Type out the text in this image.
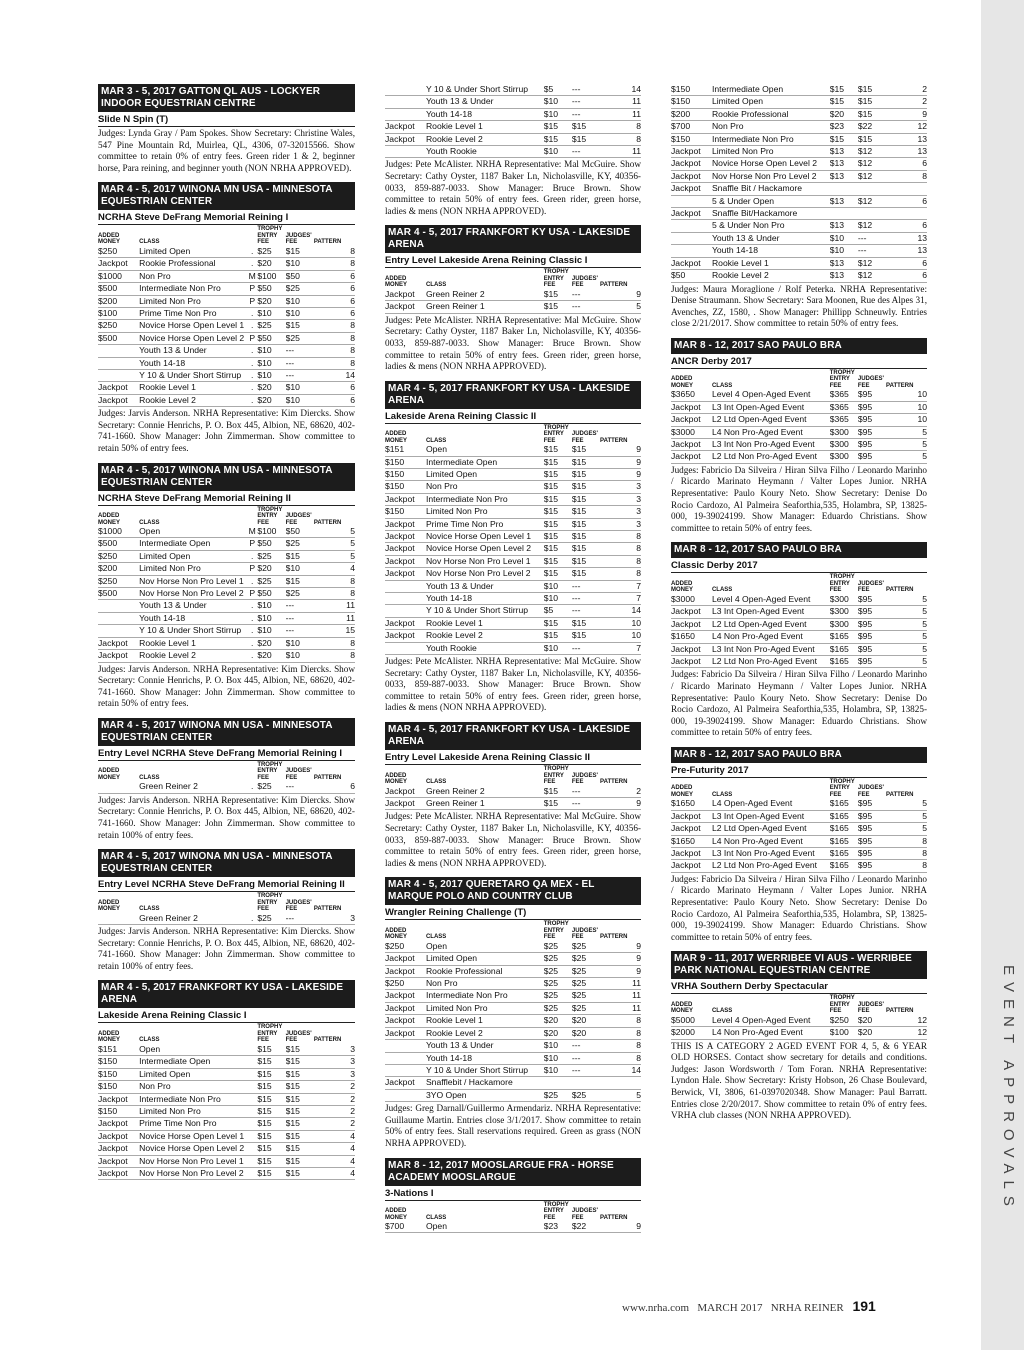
MAR 3 - 5, 2017 GATTON QL AUS - LOCKYER INDOOR EQUESTRIAN CENTRE
Slide N Spin (T)
Judges: Lynda Gray / Pam Spokes. Show Secretary: Christine Wales, 547 Pine Mountain Rd, Muirlea, QL, 4306, 07-32015566. Show committee to retain 0% of entry fees. Green rider 1 & 2, beginner horse, Para reining, and beginner youth (NON NRHA APPROVED).
MAR 4 - 5, 2017 WINONA MN USA - MINNESOTA EQUESTRIAN CENTER
NCRHA Steve DeFrang Memorial Reining I
ADDED
MONEY	CLASS		TROPHY
ENTRY
FEE	JUDGES'
FEE	PATTERN
$250	Limited Open	.	$25	$15	8
Jackpot	Rookie Professional	.	$20	$10	8
$1000	Non Pro	M	$100	$50	6
$500	Intermediate Non Pro	P	$50	$25	6
$200	Limited Non Pro	P	$20	$10	6
$100	Prime Time Non Pro	.	$10	$10	6
$250	Novice Horse Open Level 1	.	$25	$15	8
$500	Novice Horse Open Level 2	P	$50	$25	8
	Youth 13 & Under	.	$10	---	8
	Youth 14-18	.	$10	---	8
	Y 10 & Under Short Stirrup	.	$10	---	14
Jackpot	Rookie Level 1	.	$20	$10	6
Jackpot	Rookie Level 2	.	$20	$10	6
Judges: Jarvis Anderson. NRHA Representative: Kim Diercks. Show Secretary: Connie Henrichs, P. O. Box 445, Albion, NE, 68620, 402-741-1660. Show Manager: John Zimmerman. Show committee to retain 50% of entry fees.
MAR 4 - 5, 2017 WINONA MN USA - MINNESOTA EQUESTRIAN CENTER
NCRHA Steve DeFrang Memorial Reining II
ADDED
MONEY	CLASS		TROPHY
ENTRY
FEE	JUDGES'
FEE	PATTERN
$1000	Open	M	$100	$50	5
$500	Intermediate Open	P	$50	$25	5
$250	Limited Open	.	$25	$15	5
$200	Limited Non Pro	P	$20	$10	4
$250	Nov Horse Non Pro Level 1	.	$25	$15	8
$500	Nov Horse Non Pro Level 2	P	$50	$25	8
	Youth 13 & Under	.	$10	---	11
	Youth 14-18	.	$10	---	11
	Y 10 & Under Short Stirrup	.	$10	---	15
Jackpot	Rookie Level 1	.	$20	$10	8
Jackpot	Rookie Level 2	.	$20	$10	8
Judges: Jarvis Anderson. NRHA Representative: Kim Diercks. Show Secretary: Connie Henrichs, P. O. Box 445, Albion, NE, 68620, 402-741-1660. Show Manager: John Zimmerman. Show committee to retain 50% of entry fees.
MAR 4 - 5, 2017 WINONA MN USA - MINNESOTA EQUESTRIAN CENTER
Entry Level NCRHA Steve DeFrang Memorial Reining I
ADDED
MONEY	CLASS		TROPHY
ENTRY
FEE	JUDGES'
FEE	PATTERN
	Green Reiner 2	.	$25	---	6
Judges: Jarvis Anderson. NRHA Representative: Kim Diercks. Show Secretary: Connie Henrichs, P. O. Box 445, Albion, NE, 68620, 402-741-1660. Show Manager: John Zimmerman. Show committee to retain 100% of entry fees.
MAR 4 - 5, 2017 WINONA MN USA - MINNESOTA EQUESTRIAN CENTER
Entry Level NCRHA Steve DeFrang Memorial Reining II
ADDED
MONEY	CLASS		TROPHY
ENTRY
FEE	JUDGES'
FEE	PATTERN
	Green Reiner 2	.	$25	---	3
Judges: Jarvis Anderson. NRHA Representative: Kim Diercks. Show Secretary: Connie Henrichs, P. O. Box 445, Albion, NE, 68620, 402-741-1660. Show Manager: John Zimmerman. Show committee to retain 100% of entry fees.
MAR 4 - 5, 2017 FRANKFORT KY USA - LAKESIDE ARENA
Lakeside Arena Reining Classic I
ADDED
MONEY	CLASS		TROPHY
ENTRY
FEE	JUDGES'
FEE	PATTERN
$151	Open		$15	$15	3
$150	Intermediate Open		$15	$15	3
$150	Limited Open		$15	$15	3
$150	Non Pro		$15	$15	2
Jackpot	Intermediate Non Pro		$15	$15	2
$150	Limited Non Pro		$15	$15	2
Jackpot	Prime Time Non Pro		$15	$15	2
Jackpot	Novice Horse Open Level 1		$15	$15	4
Jackpot	Novice Horse Open Level 2		$15	$15	4
Jackpot	Nov Horse Non Pro Level 1		$15	$15	4
Jackpot	Nov Horse Non Pro Level 2		$15	$15	4
	Y 10 & Under Short Stirrup		$5	---	14
	Youth 13 & Under		$10	---	11
	Youth 14-18		$10	---	11
Jackpot	Rookie Level 1		$15	$15	8
Jackpot	Rookie Level 2		$15	$15	8
	Youth Rookie		$10	---	11
Judges: Pete McAlister. NRHA Representative: Mal McGuire. Show Secretary: Cathy Oyster, 1187 Baker Ln, Nicholasville, KY, 40356-0033, 859-887-0033. Show Manager: Bruce Brown. Show committee to retain 50% of entry fees. Green rider, green horse, ladies & mens (NON NRHA APPROVED).
MAR 4 - 5, 2017 FRANKFORT KY USA - LAKESIDE ARENA
Entry Level Lakeside Arena Reining Classic I
ADDED
MONEY	CLASS		TROPHY
ENTRY
FEE	JUDGES'
FEE	PATTERN
Jackpot	Green Reiner 2		$15	---	9
Jackpot	Green Reiner 1		$15	---	5
Judges: Pete McAlister. NRHA Representative: Mal McGuire. Show Secretary: Cathy Oyster, 1187 Baker Ln, Nicholasville, KY, 40356-0033, 859-887-0033. Show Manager: Bruce Brown. Show committee to retain 50% of entry fees. Green rider, green horse, ladies & mens (NON NRHA APPROVED).
MAR 4 - 5, 2017 FRANKFORT KY USA - LAKESIDE ARENA
Lakeside Arena Reining Classic II
ADDED
MONEY	CLASS		TROPHY
ENTRY
FEE	JUDGES'
FEE	PATTERN
$151	Open		$15	$15	9
$150	Intermediate Open		$15	$15	9
$150	Limited Open		$15	$15	9
$150	Non Pro		$15	$15	3
Jackpot	Intermediate Non Pro		$15	$15	3
$150	Limited Non Pro		$15	$15	3
Jackpot	Prime Time Non Pro		$15	$15	3
Jackpot	Novice Horse Open Level 1		$15	$15	8
Jackpot	Novice Horse Open Level 2		$15	$15	8
Jackpot	Nov Horse Non Pro Level 1		$15	$15	8
Jackpot	Nov Horse Non Pro Level 2		$15	$15	8
	Youth 13 & Under		$10	---	7
	Youth 14-18		$10	---	7
	Y 10 & Under Short Stirrup		$5	---	14
Jackpot	Rookie Level 1		$15	$15	10
Jackpot	Rookie Level 2		$15	$15	10
	Youth Rookie		$10	---	7
Judges: Pete McAlister. NRHA Representative: Mal McGuire. Show Secretary: Cathy Oyster, 1187 Baker Ln, Nicholasville, KY, 40356-0033, 859-887-0033. Show Manager: Bruce Brown. Show committee to retain 50% of entry fees. Green rider, green horse, ladies & mens (NON NRHA APPROVED).
MAR 4 - 5, 2017 FRANKFORT KY USA - LAKESIDE ARENA
Entry Level Lakeside Arena Reining Classic II
ADDED
MONEY	CLASS		TROPHY
ENTRY
FEE	JUDGES'
FEE	PATTERN
Jackpot	Green Reiner 2		$15	---	2
Jackpot	Green Reiner 1		$15	---	9
Judges: Pete McAlister. NRHA Representative: Mal McGuire. Show Secretary: Cathy Oyster, 1187 Baker Ln, Nicholasville, KY, 40356-0033, 859-887-0033. Show Manager: Bruce Brown. Show committee to retain 50% of entry fees. Green rider, green horse, ladies & mens (NON NRHA APPROVED).
MAR 4 - 5, 2017 QUERETARO QA MEX - EL MARQUE POLO AND COUNTRY CLUB
Wrangler Reining Challenge (T)
ADDED
MONEY	CLASS		TROPHY
ENTRY
FEE	JUDGES'
FEE	PATTERN
$250	Open		$25	$25	9
Jackpot	Limited Open		$25	$25	9
Jackpot	Rookie Professional		$25	$25	9
$250	Non Pro		$25	$25	11
Jackpot	Intermediate Non Pro		$25	$25	11
Jackpot	Limited Non Pro		$25	$25	11
Jackpot	Rookie Level 1		$20	$20	8
Jackpot	Rookie Level 2		$20	$20	8
	Youth 13 & Under		$10	---	8
	Youth 14-18		$10	---	8
	Y 10 & Under Short Stirrup		$10	---	14
Jackpot	Snafflebit / Hackamore				
	3YO Open		$25	$25	5
Judges: Greg Darnall/Guillermo Armendariz. NRHA Representative: Guillaume Martin. Entries close 3/1/2017. Show committee to retain 50% of entry fees. Stall reservations required. Green as grass (NON NRHA APPROVED).
MAR 8 - 12, 2017 MOOSLARGUE FRA - HORSE ACADEMY MOOSLARGUE
3-Nations I
ADDED
MONEY	CLASS		TROPHY
ENTRY
FEE	JUDGES'
FEE	PATTERN
$700	Open		$23	$22	9
$150	Intermediate Open		$15	$15	2
$150	Limited Open		$15	$15	2
$200	Rookie Professional		$20	$15	9
$700	Non Pro		$23	$22	12
$150	Intermediate Non Pro		$15	$15	13
Jackpot	Limited Non Pro		$13	$12	13
Jackpot	Novice Horse Open Level 2		$13	$12	6
Jackpot	Nov Horse Non Pro Level 2		$13	$12	8
Jackpot	Snaffle Bit / Hackamore				
	5 & Under Open		$13	$12	6
Jackpot	Snaffle Bit/Hackamore				
	5 & Under Non Pro		$13	$12	6
	Youth 13 & Under		$10	---	13
	Youth 14-18		$10	---	13
Jackpot	Rookie Level 1		$13	$12	6
$50	Rookie Level 2		$13	$12	6
Judges: Maura Moraglione / Rolf Peterka. NRHA Representative: Denise Straumann. Show Secretary: Sara Moonen, Rue des Alpes 31, Avenches, ZZ, 1580, . Show Manager: Phillipp Schneuwly. Entries close 2/21/2017. Show committee to retain 50% of entry fees.
MAR 8 - 12, 2017 SAO PAULO BRA
ANCR Derby 2017
ADDED
MONEY	CLASS		TROPHY
ENTRY
FEE	JUDGES'
FEE	PATTERN
$3650	Level 4 Open-Aged Event		$365	$95	10
Jackpot	L3 Int Open-Aged Event		$365	$95	10
Jackpot	L2 Ltd Open-Aged Event		$365	$95	10
$3000	L4 Non Pro-Aged Event		$300	$95	5
Jackpot	L3 Int Non Pro-Aged Event		$300	$95	5
Jackpot	L2 Ltd Non Pro-Aged Event		$300	$95	5
Judges: Fabricio Da Silveira / Hiran Silva Filho / Leonardo Marinho / Ricardo Marinato Heymann / Valter Lopes Junior. NRHA Representative: Paulo Koury Neto. Show Secretary: Denise Do Rocio Cardozo, Al Palmeira Seaforthia,535, Holambra, SP, 13825-000, 19-39024199. Show Manager: Eduardo Christians. Show committee to retain 50% of entry fees.
MAR 8 - 12, 2017 SAO PAULO BRA
Classic Derby 2017
ADDED
MONEY	CLASS		TROPHY
ENTRY
FEE	JUDGES'
FEE	PATTERN
$3000	Level 4 Open-Aged Event		$300	$95	5
Jackpot	L3 Int Open-Aged Event		$300	$95	5
Jackpot	L2 Ltd Open-Aged Event		$300	$95	5
$1650	L4 Non Pro-Aged Event		$165	$95	5
Jackpot	L3 Int Non Pro-Aged Event		$165	$95	5
Jackpot	L2 Ltd Non Pro-Aged Event		$165	$95	5
Judges: Fabricio Da Silveira / Hiran Silva Filho / Leonardo Marinho / Ricardo Marinato Heymann / Valter Lopes Junior. NRHA Representative: Paulo Koury Neto. Show Secretary: Denise Do Rocio Cardozo, Al Palmeira Seaforthia,535, Holambra, SP, 13825-000, 19-39024199. Show Manager: Eduardo Christians. Show committee to retain 50% of entry fees.
MAR 8 - 12, 2017 SAO PAULO BRA
Pre-Futurity 2017
ADDED
MONEY	CLASS		TROPHY
ENTRY
FEE	JUDGES'
FEE	PATTERN
$1650	L4 Open-Aged Event		$165	$95	5
Jackpot	L3 Int Open-Aged Event		$165	$95	5
Jackpot	L2 Ltd Open-Aged Event		$165	$95	5
$1650	L4 Non Pro-Aged Event		$165	$95	8
Jackpot	L3 Int Non Pro-Aged Event		$165	$95	8
Jackpot	L2 Ltd Non Pro-Aged Event		$165	$95	8
Judges: Fabricio Da Silveira / Hiran Silva Filho / Leonardo Marinho / Ricardo Marinato Heymann / Valter Lopes Junior. NRHA Representative: Paulo Koury Neto. Show Secretary: Denise Do Rocio Cardozo, Al Palmeira Seaforthia,535, Holambra, SP, 13825-000, 19-39024199. Show Manager: Eduardo Christians. Show committee to retain 50% of entry fees.
MAR 9 - 11, 2017 WERRIBEE VI AUS - WERRIBEE PARK NATIONAL EQUESTRIAN CENTRE
VRHA Southern Derby Spectacular
ADDED
MONEY	CLASS		TROPHY
ENTRY
FEE	JUDGES'
FEE	PATTERN
$5000	Level 4 Open-Aged Event		$250	$20	12
$2000	L4 Non Pro-Aged Event		$100	$20	12
THIS IS A CATEGORY 2 AGED EVENT FOR 4, 5, & 6 YEAR OLD HORSES. Contact show secretary for details and conditions. Judges: Jason Wordsworth / Tom Foran. NRHA Representative: Lyndon Hale. Show Secretary: Kristy Hobson, 26 Chase Boulevard, Berwick, VI, 3806, 61-0397020348. Show Manager: Paul Barratt. Entries close 2/20/2017. Show committee to retain 0% of entry fees. VRHA club classes (NON NRHA APPROVED).
www.nrha.com MARCH 2017 NRHA REINER 191
EVENT APPROVALS
